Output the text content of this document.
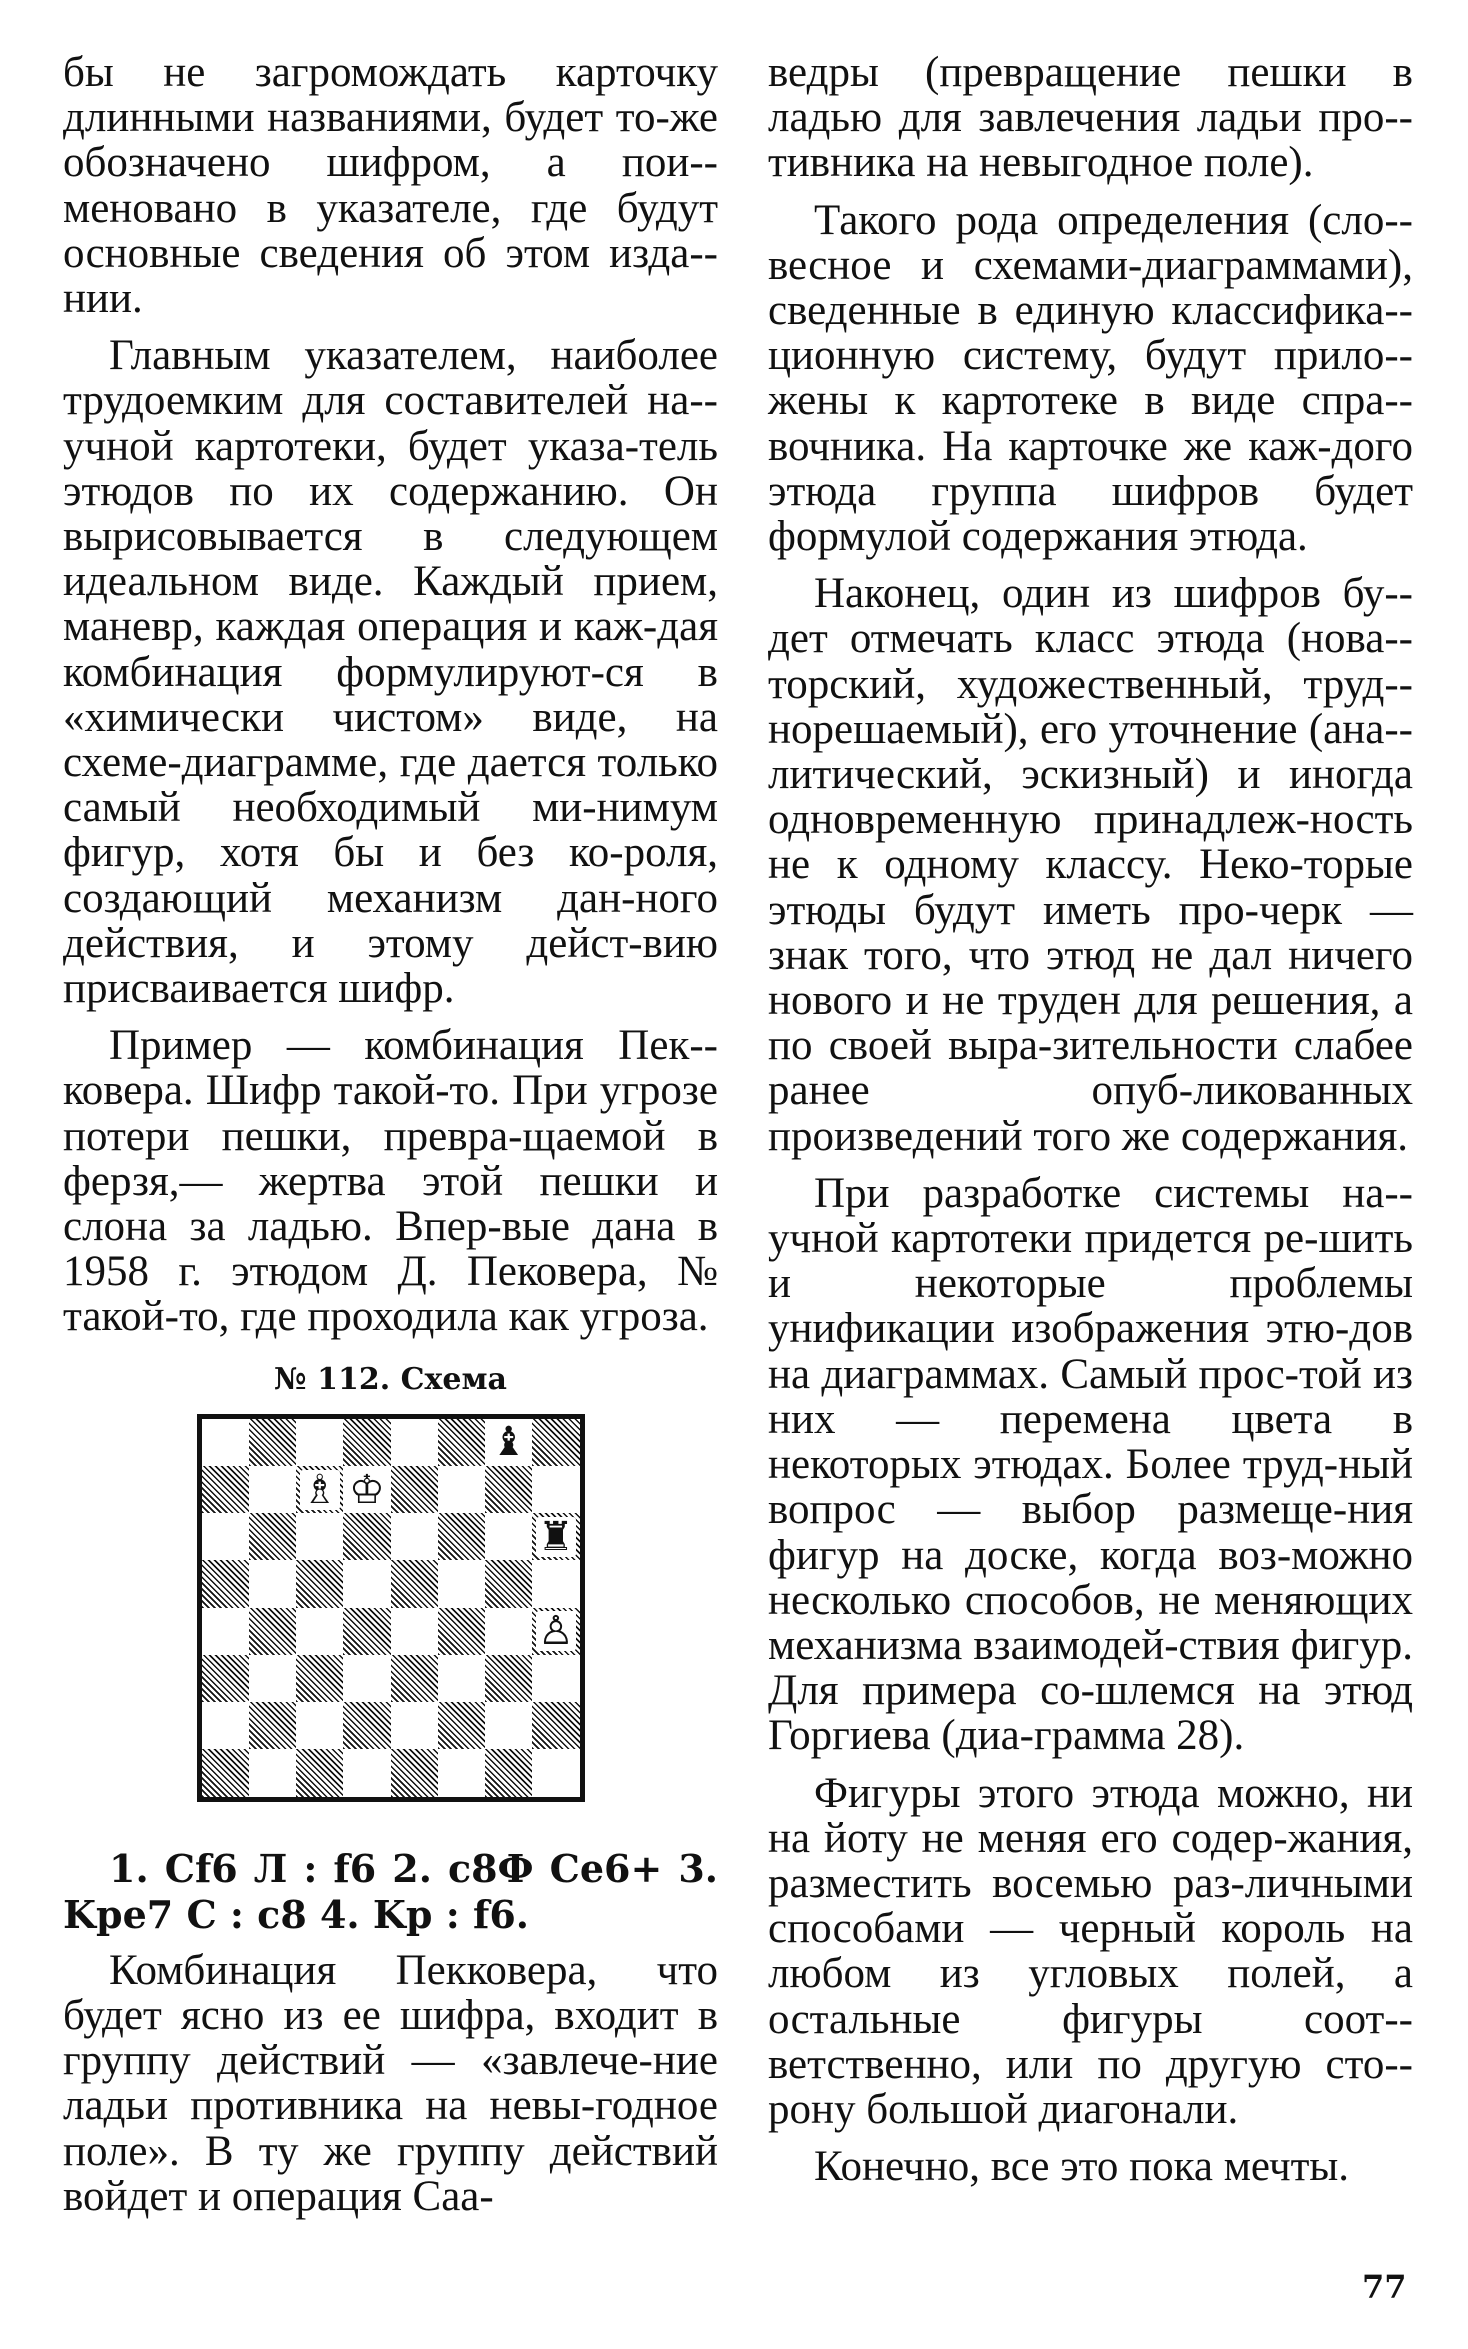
бы не загромождать карточку длинными названиями, будет то-же обозначено шифром, а пои-меновано в указателе, где будут основные сведения об этом изда-нии.

Главным указателем, наиболее трудоемким для составителей на-учной картотеки, будет указа-тель этюдов по их содержанию. Он вырисовывается в следующем идеальном виде. Каждый прием, маневр, каждая операция и каж-дая комбинация формулируют-ся в «химически чистом» виде, на схеме-диаграмме, где дается только самый необходимый ми-нимум фигур, хотя бы и без ко-роля, создающий механизм дан-ного действия, и этому дейст-вию присваивается шифр.

Пример — комбинация Пек-ковера. Шифр такой-то. При угрозе потери пешки, превра-щаемой в ферзя,— жертва этой пешки и слона за ладью. Впер-вые дана в 1958 г. этюдом Д. Пековера, № такой-то, где проходила как угроза.

№ 112. Схема
♝
♗ ♔
♜
♙
1. Cf6 Л : f6 2. c8Ф Ce6+ 3. Kpe7 C : c8 4. Kp : f6.

Комбинация Пекковера, что будет ясно из ее шифра, входит в группу действий — «завлече-ние ладьи противника на невы-годное поле». В ту же группу действий войдет и операция Саа-

ведры (превращение пешки в ладью для завлечения ладьи про-тивника на невыгодное поле).

Такого рода определения (сло-весное и схемами-диаграммами), сведенные в единую классифика-ционную систему, будут прило-жены к картотеке в виде спра-вочника. На карточке же каж-дого этюда группа шифров будет формулой содержания этюда.

Наконец, один из шифров бу-дет отмечать класс этюда (нова-торский, художественный, труд-норешаемый), его уточнение (ана-литический, эскизный) и иногда одновременную принадлеж-ность не к одному классу. Неко-торые этюды будут иметь про-черк — знак того, что этюд не дал ничего нового и не труден для решения, а по своей выра-зительности слабее ранее опуб-ликованных произведений того же содержания.

При разработке системы на-учной картотеки придется ре-шить и некоторые проблемы унификации изображения этю-дов на диаграммах. Самый прос-той из них — перемена цвета в некоторых этюдах. Более труд-ный вопрос — выбор размеще-ния фигур на доске, когда воз-можно несколько способов, не меняющих механизма взаимодей-ствия фигур. Для примера со-шлемся на этюд Горгиева (диа-грамма 28).

Фигуры этого этюда можно, ни на йоту не меняя его содер-жания, разместить восемью раз-личными способами — черный король на любом из угловых полей, а остальные фигуры соот-ветственно, или по другую сто-рону большой диагонали.

Конечно, все это пока мечты.

77
